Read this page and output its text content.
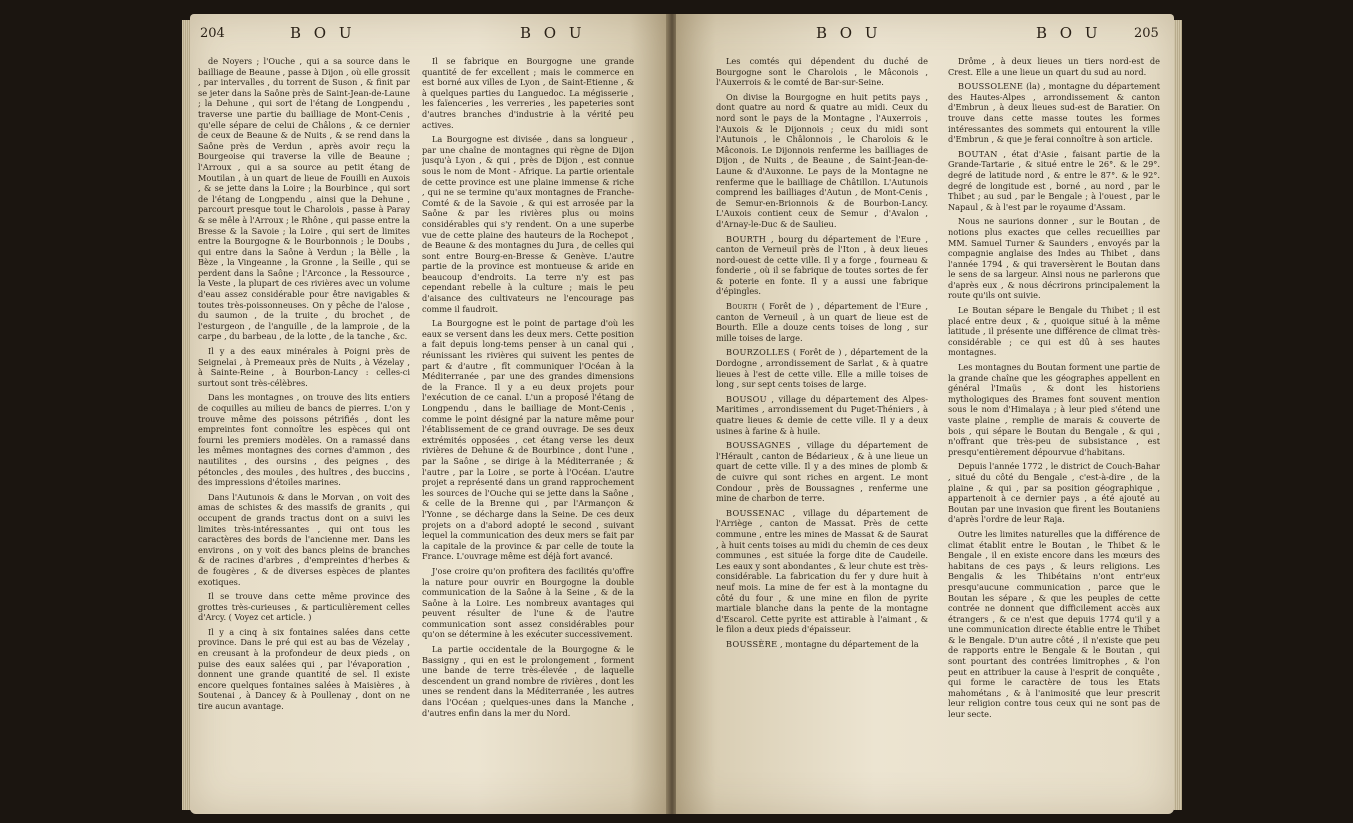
204	B O U	B O U

de Noyers ; l'Ouche , qui a sa source dans le bailliage de Beaune , passe à Dijon , où elle grossit , par intervalles , du torrent de Suson , & finit par se jeter dans la Saône près de Saint-Jean-de-Laune ; la Dehune , qui sort de l'étang de Longpendu , traverse une partie du bailliage de Mont-Cenis , qu'elle sépare de celui de Châlons , & ce dernier de ceux de Beaune & de Nuits , & se rend dans la Saône près de Verdun , après avoir reçu la Bourgeoise qui traverse la ville de Beaune ; l'Arroux , qui a sa source au petit étang de Moutilan , à un quart de lieue de Fouilli en Auxois , & se jette dans la Loire ; la Bourbince , qui sort de l'étang de Longpendu , ainsi que la Dehune , parcourt presque tout le Charolois , passe à Paray & se mêle à l'Arroux ; le Rhône , qui passe entre la Bresse & la Savoie ; la Loire , qui sert de limites entre la Bourgogne & le Bourbonnois ; le Doubs , qui entre dans la Saône à Verdun ; la Bèlle , la Bèze , la Vingeanne , la Gronne , la Seille , qui se perdent dans la Saône ; l'Arconce , la Ressource , la Veste , la plupart de ces rivières avec un volume d'eau assez considérable pour être navigables & toutes très-poissonneuses. On y pêche de l'alose , du saumon , de la truite , du brochet , de l'esturgeon , de l'anguille , de la lamproie , de la carpe , du barbeau , de la lotte , de la tanche , &c.

Il y a des eaux minérales à Poigni près de Seignelai , à Premeaux près de Nuits , à Vézelay , à Sainte-Reine , à Bourbon-Lancy : celles-ci surtout sont très-célèbres.

Dans les montagnes , on trouve des lits entiers de coquilles au milieu de bancs de pierres. L'on y trouve même des poissons pétrifiés , dont les empreintes font connoître les espèces qui ont fourni les premiers modèles. On a ramassé dans les mêmes montagnes des cornes d'ammon , des nautilites , des oursins , des peignes , des pétoncles , des moules , des huîtres , des buccins , des impressions d'étoiles marines.

Dans l'Autunois & dans le Morvan , on voit des amas de schistes & des massifs de granits , qui occupent de grands tractus dont on a suivi les limites très-intéressantes , qui ont tous les caractères des bords de l'ancienne mer. Dans les environs , on y voit des bancs pleins de branches & de racines d'arbres , d'empreintes d'herbes & de fougères , & de diverses espèces de plantes exotiques.

Il se trouve dans cette même province des grottes très-curieuses , & particulièrement celles d'Arcy. ( Voyez cet article. )

Il y a cinq à six fontaines salées dans cette province. Dans le pré qui est au bas de Vézelay , en creusant à la profondeur de deux pieds , on puise des eaux salées qui , par l'évaporation , donnent une grande quantité de sel. Il existe encore quelques fontaines salées à Maisières , à Soutenai , à Dancey & à Poullenay , dont on ne tire aucun avantage.

Il se fabrique en Bourgogne une grande quantité de fer excellent ; mais le commerce en est borné aux villes de Lyon , de Saint-Etienne , & à quelques parties du Languedoc. La mégisserie , les faïenceries , les verreries , les papeteries sont d'autres branches d'industrie à la vérité peu actives.

La Bourgogne est divisée , dans sa longueur , par une chaîne de montagnes qui règne de Dijon jusqu'à Lyon , & qui , près de Dijon , est connue sous le nom de Mont - Afrique. La partie orientale de cette province est une plaine immense & riche , qui ne se termine qu'aux montagnes de Franche-Comté & de la Savoie , & qui est arrosée par la Saône & par les rivières plus ou moins considérables qui s'y rendent. On a une superbe vue de cette plaine des hauteurs de la Rochepot , de Beaune & des montagnes du Jura , de celles qui sont entre Bourg-en-Bresse & Genève. L'autre partie de la province est montueuse & aride en beaucoup d'endroits. La terre n'y est pas cependant rebelle à la culture ; mais le peu d'aisance des cultivateurs ne l'encourage pas comme il faudroit.

La Bourgogne est le point de partage d'où les eaux se versent dans les deux mers. Cette position a fait depuis long-tems penser à un canal qui , réunissant les rivières qui suivent les pentes de part & d'autre , fît communiquer l'Océan à la Méditerranée , par une des grandes dimensions de la France. Il y a eu deux projets pour l'exécution de ce canal. L'un a proposé l'étang de Longpendu , dans le bailliage de Mont-Cenis , comme le point désigné par la nature même pour l'établissement de ce grand ouvrage. De ses deux extrémités opposées , cet étang verse les deux rivières de Dehune & de Bourbince , dont l'une , par la Saône , se dirige à la Méditerranée ; & l'autre , par la Loire , se porte à l'Océan. L'autre projet a représenté dans un grand rapprochement les sources de l'Ouche qui se jette dans la Saône , & celle de la Brenne qui , par l'Armançon & l'Yonne , se décharge dans la Seine. De ces deux projets on a d'abord adopté le second , suivant lequel la communication des deux mers se fait par la capitale de la province & par celle de toute la France. L'ouvrage même est déjà fort avancé.

J'ose croire qu'on profitera des facilités qu'offre la nature pour ouvrir en Bourgogne la double communication de la Saône à la Seine , & de la Saône à la Loire. Les nombreux avantages qui peuvent résulter de l'une & de l'autre communication sont assez considérables pour qu'on se détermine à les exécuter successivement.

La partie occidentale de la Bourgogne & le Bassigny , qui en est le prolongement , forment une bande de terre très-élevée , de laquelle descendent un grand nombre de rivières , dont les unes se rendent dans la Méditerranée , les autres dans l'Océan ; quelques-unes dans la Manche , d'autres enfin dans la mer du Nord.

B O U	B O U	205

Les comtés qui dépendent du duché de Bourgogne sont le Charolois , le Mâconois , l'Auxerrois & le comté de Bar-sur-Seine.

On divise la Bourgogne en huit petits pays , dont quatre au nord & quatre au midi. Ceux du nord sont le pays de la Montagne , l'Auxerrois , l'Auxois & le Dijonnois ; ceux du midi sont l'Autunois , le Châlonnois , le Charolois & le Mâconois. Le Dijonnois renferme les bailliages de Dijon , de Nuits , de Beaune , de Saint-Jean-de-Laune & d'Auxonne. Le pays de la Montagne ne renferme que le bailliage de Châtillon. L'Autunois comprend les bailliages d'Autun , de Mont-Cenis , de Semur-en-Brionnois & de Bourbon-Lancy. L'Auxois contient ceux de Semur , d'Avalon , d'Arnay-le-Duc & de Saulieu.

BOURTH , bourg du département de l'Eure , canton de Verneuil près de l'Iton , à deux lieues nord-ouest de cette ville. Il y a forge , fourneau & fonderie , où il se fabrique de toutes sortes de fer & poterie en fonte. Il y a aussi une fabrique d'épingles.

Bourth ( Forêt de ) , département de l'Eure , canton de Verneuil , à un quart de lieue est de Bourth. Elle a douze cents toises de long , sur mille toises de large.

BOURZOLLES ( Forêt de ) , département de la Dordogne , arrondissement de Sarlat , & à quatre lieues à l'est de cette ville. Elle a mille toises de long , sur sept cents toises de large.

BOUSOU , village du département des Alpes-Maritimes , arrondissement du Puget-Théniers , à quatre lieues & demie de cette ville. Il y a deux usines à farine & à huile.

BOUSSAGNES , village du département de l'Hérault , canton de Bédarieux , & à une lieue un quart de cette ville. Il y a des mines de plomb & de cuivre qui sont riches en argent. Le mont Condour , près de Boussagnes , renferme une mine de charbon de terre.

BOUSSENAC , village du département de l'Arriège , canton de Massat. Près de cette commune , entre les mines de Massat & de Saurat , à huit cents toises au midi du chemin de ces deux communes , est située la forge dite de Caudeile. Les eaux y sont abondantes , & leur chute est très-considérable. La fabrication du fer y dure huit à neuf mois. La mine de fer est à la montagne du côté du four , & une mine en filon de pyrite martiale blanche dans la pente de la montagne d'Escarol. Cette pyrite est attirable à l'aimant , & le filon a deux pieds d'épaisseur.

BOUSSÈRE , montagne du département de la

Drôme , à deux lieues un tiers nord-est de Crest. Elle a une lieue un quart du sud au nord.

BOUSSOLENE (la) , montagne du département des Hautes-Alpes , arrondissement & canton d'Embrun , à deux lieues sud-est de Baratier. On trouve dans cette masse toutes les formes intéressantes des sommets qui entourent la ville d'Embrun , & que je ferai connoître à son article.

BOUTAN , état d'Asie , faisant partie de la Grande-Tartarie , & situé entre le 26°. & le 29°. degré de latitude nord , & entre le 87°. & le 92°. degré de longitude est , borné , au nord , par le Thibet ; au sud , par le Bengale ; à l'ouest , par le Napaul , & à l'est par le royaume d'Assam.

Nous ne saurions donner , sur le Boutan , de notions plus exactes que celles recueillies par MM. Samuel Turner & Saunders , envoyés par la compagnie anglaise des Indes au Thibet , dans l'année 1794 , & qui traversèrent le Boutan dans le sens de sa largeur. Ainsi nous ne parlerons que d'après eux , & nous décrirons principalement la route qu'ils ont suivie.

Le Boutan sépare le Bengale du Thibet ; il est placé entre deux , & , quoique situé à la même latitude , il présente une différence de climat très-considérable ; ce qui est dû à ses hautes montagnes.

Les montagnes du Boutan forment une partie de la grande chaîne que les géographes appellent en général l'Imaüs , & dont les historiens mythologiques des Brames font souvent mention sous le nom d'Himalaya ; à leur pied s'étend une vaste plaine , remplie de marais & couverte de bois , qui sépare le Boutan du Bengale , & qui , n'offrant que très-peu de subsistance , est presqu'entièrement dépourvue d'habitans.

Depuis l'année 1772 , le district de Couch-Bahar , situé du côté du Bengale , c'est-à-dire , de la plaine , & qui , par sa position géographique , appartenoit à ce dernier pays , a été ajouté au Boutan par une invasion que firent les Boutaniens d'après l'ordre de leur Raja.

Outre les limites naturelles que la différence de climat établit entre le Boutan , le Thibet & le Bengale , il en existe encore dans les mœurs des habitans de ces pays , & leurs religions. Les Bengalis & les Thibétains n'ont entr'eux presqu'aucune communication , parce que le Boutan les sépare , & que les peuples de cette contrée ne donnent que difficilement accès aux étrangers , & ce n'est que depuis 1774 qu'il y a une communication directe établie entre le Thibet & le Bengale. D'un autre côté , il n'existe que peu de rapports entre le Bengale & le Boutan , qui sont pourtant des contrées limitrophes , & l'on peut en attribuer la cause à l'esprit de conquête , qui forme le caractère de tous les Etats mahométans , & à l'animosité que leur prescrit leur religion contre tous ceux qui ne sont pas de leur secte.
